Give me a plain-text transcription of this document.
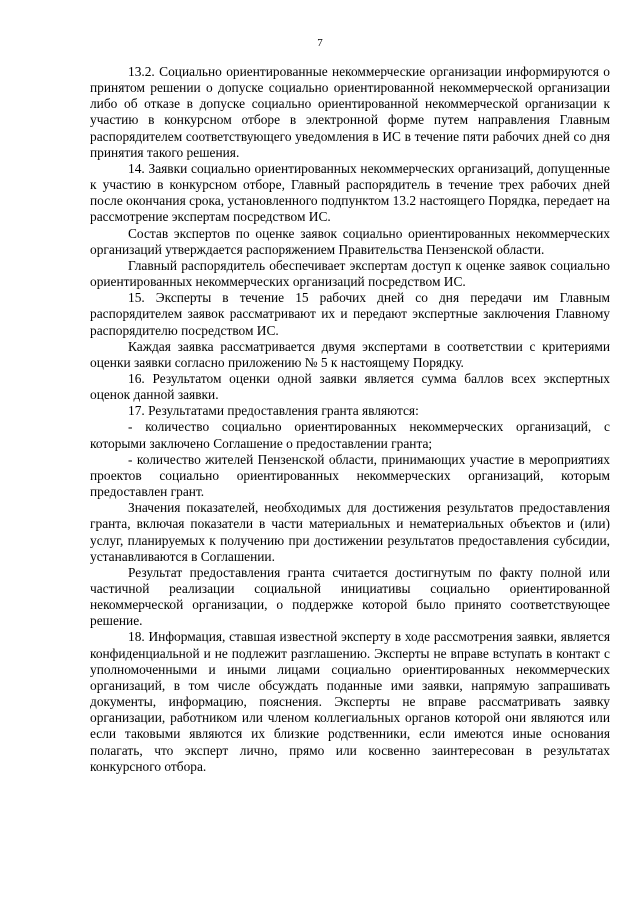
7

13.2. Социально ориентированные некоммерческие организации информируются о принятом решении о допуске социально ориентированной некоммерческой организации либо об отказе в допуске социально ориентированной некоммерческой организации к участию в конкурсном отборе в электронной форме путем направления Главным распорядителем соответствующего уведомления в ИС в течение пяти рабочих дней со дня принятия такого решения.

14. Заявки социально ориентированных некоммерческих организаций, допущенные к участию в конкурсном отборе, Главный распорядитель в течение трех рабочих дней после окончания срока, установленного подпунктом 13.2 настоящего Порядка, передает на рассмотрение экспертам посредством ИС.

Состав экспертов по оценке заявок социально ориентированных некоммерческих организаций утверждается распоряжением Правительства Пензенской области.

Главный распорядитель обеспечивает экспертам доступ к оценке заявок социально ориентированных некоммерческих организаций посредством ИС.

15. Эксперты в течение 15 рабочих дней со дня передачи им Главным распорядителем заявок рассматривают их и передают экспертные заключения Главному распорядителю посредством ИС.

Каждая заявка рассматривается двумя экспертами в соответствии с критериями оценки заявки согласно приложению № 5 к настоящему Порядку.

16. Результатом оценки одной заявки является сумма баллов всех экспертных оценок данной заявки.

17. Результатами предоставления гранта являются:

- количество социально ориентированных некоммерческих организаций, с которыми заключено Соглашение о предоставлении гранта;

- количество жителей Пензенской области, принимающих участие в мероприятиях проектов социально ориентированных некоммерческих организаций, которым предоставлен грант.

Значения показателей, необходимых для достижения результатов предоставления гранта, включая показатели в части материальных и нематериальных объектов и (или) услуг, планируемых к получению при достижении результатов предоставления субсидии, устанавливаются в Соглашении.

Результат предоставления гранта считается достигнутым по факту полной или частичной реализации социальной инициативы социально ориентированной некоммерческой организации, о поддержке которой было принято соответствующее решение.

18. Информация, ставшая известной эксперту в ходе рассмотрения заявки, является конфиденциальной и не подлежит разглашению. Эксперты не вправе вступать в контакт с уполномоченными и иными лицами социально ориентированных некоммерческих организаций, в том числе обсуждать поданные ими заявки, напрямую запрашивать документы, информацию, пояснения. Эксперты не вправе рассматривать заявку организации, работником или членом коллегиальных органов которой они являются или если таковыми являются их близкие родственники, если имеются иные основания полагать, что эксперт лично, прямо или косвенно заинтересован в результатах конкурсного отбора.
